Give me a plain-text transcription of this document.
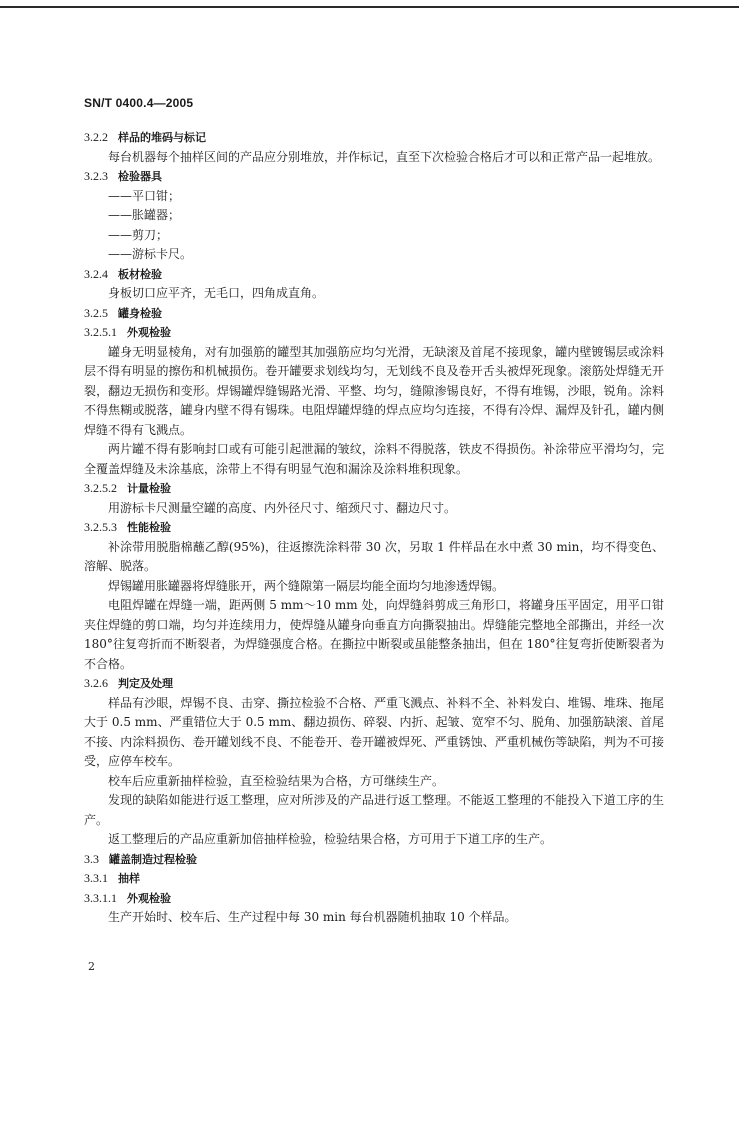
SN/T 0400.4—2005
3.2.2 样品的堆码与标记
每台机器每个抽样区间的产品应分别堆放，并作标记，直至下次检验合格后才可以和正常产品一起堆放。
3.2.3 检验器具
——平口钳；
——胀罐器；
——剪刀；
——游标卡尺。
3.2.4 板材检验
身板切口应平齐，无毛口，四角成直角。
3.2.5 罐身检验
3.2.5.1 外观检验
罐身无明显棱角，对有加强筋的罐型其加强筋应均匀光滑，无缺滚及首尾不接现象，罐内壁镀锡层或涂料层不得有明显的擦伤和机械损伤。卷开罐要求划线均匀，无划线不良及卷开舌头被焊死现象。滚筋处焊缝无开裂，翻边无损伤和变形。焊锡罐焊缝锡路光滑、平整、均匀，缝隙渗锡良好，不得有堆锡，沙眼，锐角。涂料不得焦糊或脱落，罐身内壁不得有锡珠。电阻焊罐焊缝的焊点应均匀连接，不得有冷焊、漏焊及针孔，罐内侧焊缝不得有飞溅点。
两片罐不得有影响封口或有可能引起泄漏的皱纹，涂料不得脱落，铁皮不得损伤。补涂带应平滑均匀，完全覆盖焊缝及未涂基底，涂带上不得有明显气泡和漏涂及涂料堆积现象。
3.2.5.2 计量检验
用游标卡尺测量空罐的高度、内外径尺寸、缩颈尺寸、翻边尺寸。
3.2.5.3 性能检验
补涂带用脱脂棉蘸乙醇(95%)，往返擦洗涂料带 30 次，另取 1 件样品在水中煮 30 min，均不得变色、溶解、脱落。
焊锡罐用胀罐器将焊缝胀开，两个缝隙第一隔层均能全面均匀地渗透焊锡。
电阻焊罐在焊缝一端，距两侧 5 mm～10 mm 处，向焊缝斜剪成三角形口，将罐身压平固定，用平口钳夹住焊缝的剪口端，均匀并连续用力，使焊缝从罐身向垂直方向撕裂抽出。焊缝能完整地全部撕出，并经一次 180°往复弯折而不断裂者，为焊缝强度合格。在撕拉中断裂或虽能整条抽出，但在 180°往复弯折使断裂者为不合格。
3.2.6 判定及处理
样品有沙眼，焊锡不良、击穿、撕拉检验不合格、严重飞溅点、补料不全、补料发白、堆锡、堆珠、拖尾大于 0.5 mm、严重错位大于 0.5 mm、翻边损伤、碎裂、内折、起皱、宽窄不匀、脱角、加强筋缺滚、首尾不接、内涂料损伤、卷开罐划线不良、不能卷开、卷开罐被焊死、严重锈蚀、严重机械伤等缺陷，判为不可接受，应停车校车。
校车后应重新抽样检验，直至检验结果为合格，方可继续生产。
发现的缺陷如能进行返工整理，应对所涉及的产品进行返工整理。不能返工整理的不能投入下道工序的生产。
返工整理后的产品应重新加倍抽样检验，检验结果合格，方可用于下道工序的生产。
3.3 罐盖制造过程检验
3.3.1 抽样
3.3.1.1 外观检验
生产开始时、校车后、生产过程中每 30 min 每台机器随机抽取 10 个样品。
2
